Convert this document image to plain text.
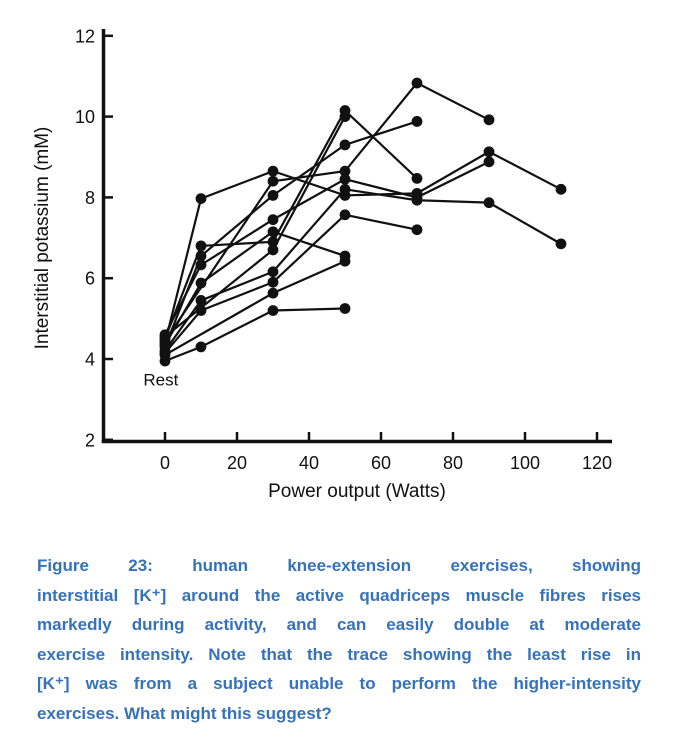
2
4
6
8
10
12
0	20	40	60	80	100 120
Power output (Watts)
Interstitial potassium (mM)
Rest
Figure 23: human knee-extension exercises, showing
interstitial [K⁺] around the active quadriceps muscle fibres rises
markedly during activity, and can easily double at moderate
exercise intensity. Note that the trace showing the least rise in
[K⁺] was from a subject unable to perform the higher-intensity
exercises. What might this suggest?
